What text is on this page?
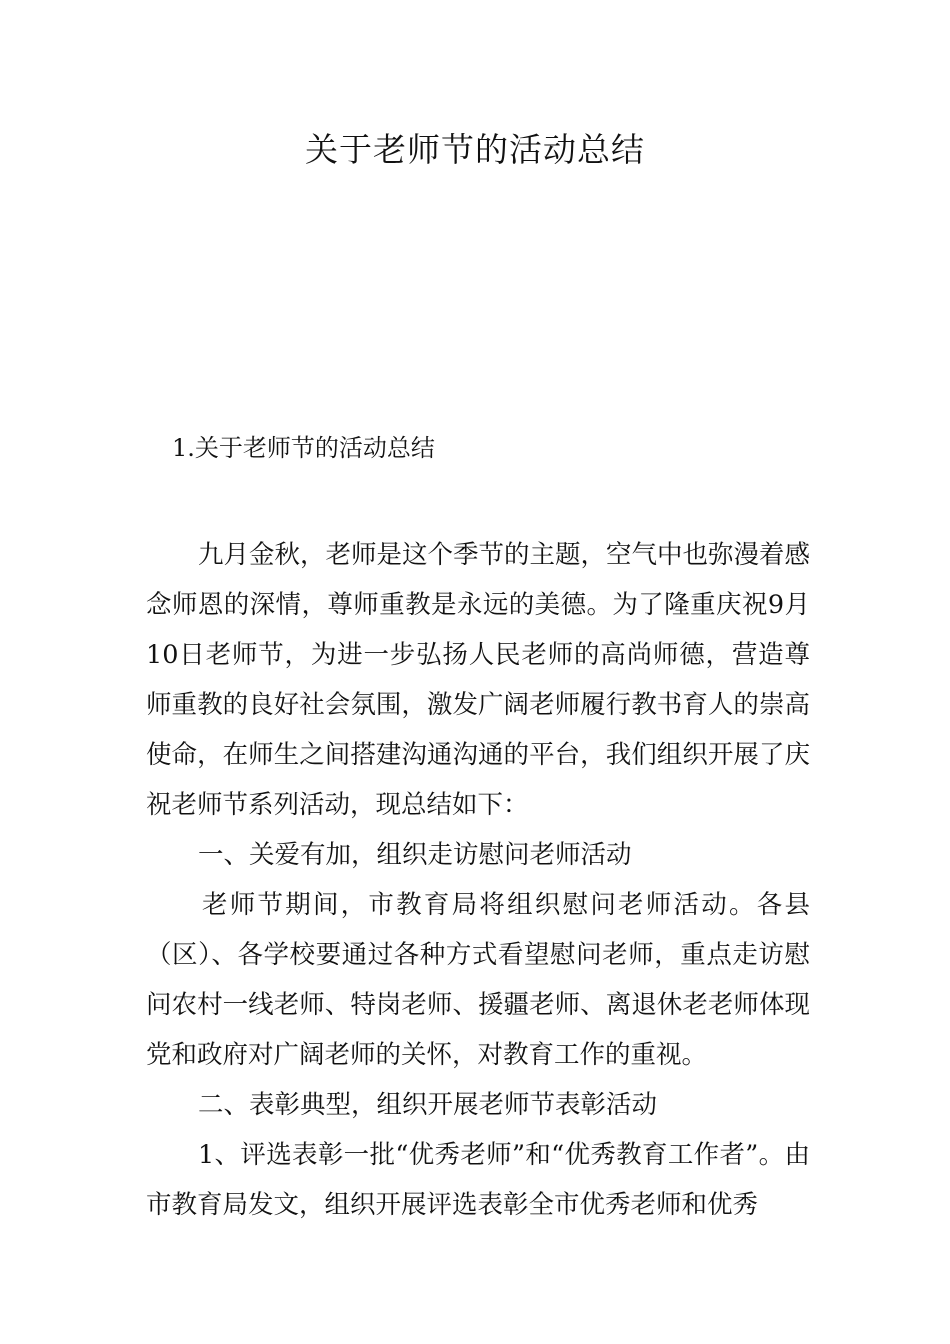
关于老师节的活动总结
1.关于老师节的活动总结

九月金秋，老师是这个季节的主题，空气中也弥漫着感念师恩的深情，尊师重教是永远的美德。为了隆重庆祝9月10日老师节，为进一步弘扬人民老师的高尚师德，营造尊师重教的良好社会氛围，激发广阔老师履行教书育人的崇高使命，在师生之间搭建沟通沟通的平台，我们组织开展了庆祝老师节系列活动，现总结如下：

一、关爱有加，组织走访慰问老师活动

老师节期间，市教育局将组织慰问老师活动。各县（区）、各学校要通过各种方式看望慰问老师，重点走访慰问农村一线老师、特岗老师、援疆老师、离退休老老师体现党和政府对广阔老师的关怀，对教育工作的重视。

二、表彰典型，组织开展老师节表彰活动

1、评选表彰一批“优秀老师”和“优秀教育工作者”。由市教育局发文，组织开展评选表彰全市优秀老师和优秀
